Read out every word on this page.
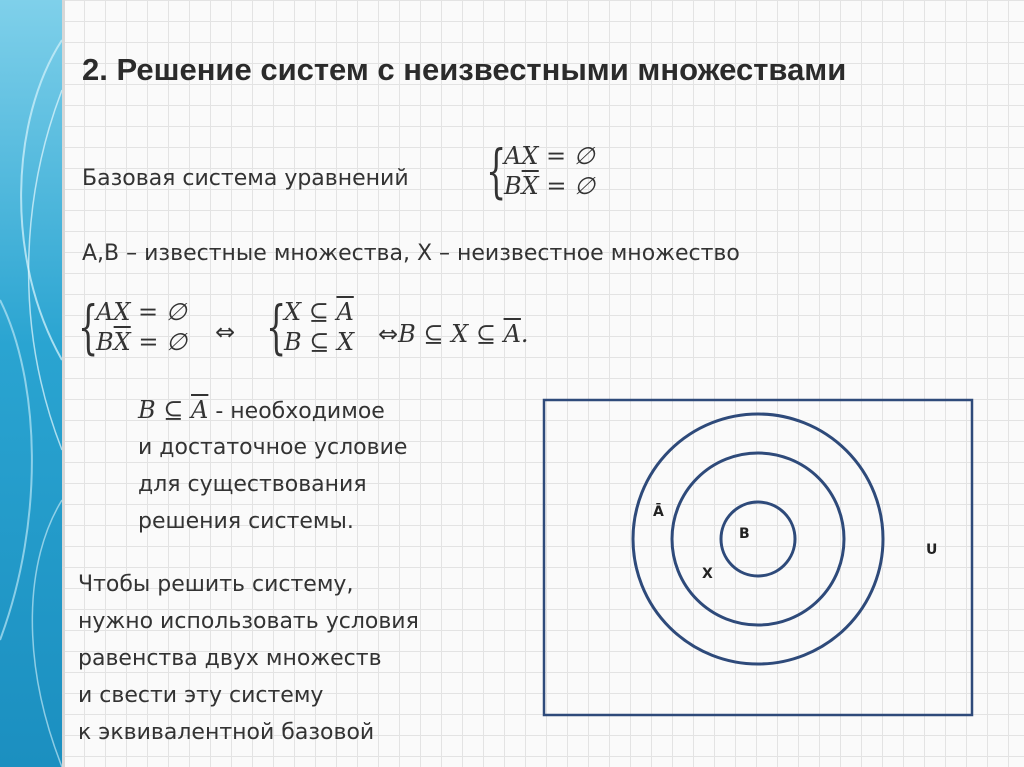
2. Решение систем с неизвестными множествами
Базовая система уравнений {
AX = ∅
$B\overline{X}$ = ∅
A,B – известные множества, X – неизвестное множество
{
AX = ∅
$B\overline{X}$ = ∅ ⇔ {
X ⊆ $\overline{A}$
B ⊆ X ⇔B ⊆ X ⊆ $\overline{A}$.
B ⊆ $\overline{A}$ - необходимое
и достаточное условие
для существования
решения системы.
Чтобы решить систему,
нужно использовать условия
равенства двух множеств
и свести эту систему
к эквивалентной базовой
Ā
B
X
U
